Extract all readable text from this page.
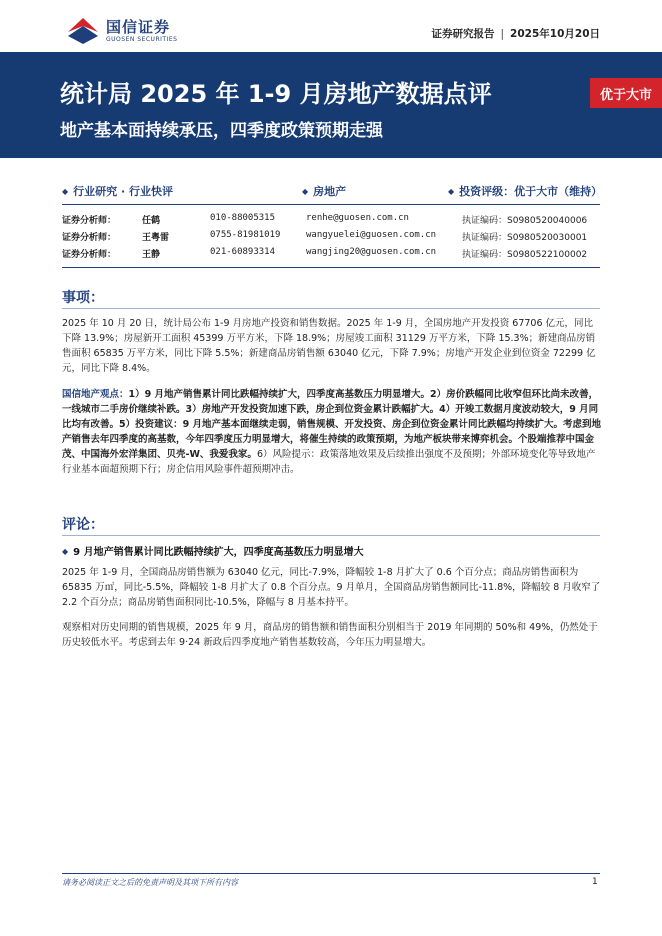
国信证券
GUOSEN SECURITIES	证券研究报告 | 2025年10月20日
统计局 2025 年 1-9 月房地产数据点评
地产基本面持续承压，四季度政策预期走强
优于大市
◆ 行业研究 · 行业快评	◆ 房地产	◆ 投资评级：优于大市（维持）
证券分析师：	任鹤	010-88005315	renhe@guosen.com.cn	执证编码：S0980520040006
证券分析师：	王粤雷	0755-81981019	wangyuelei@guosen.com.cn	执证编码：S0980520030001
证券分析师：	王静	021-60893314	wangjing20@guosen.com.cn	执证编码：S0980522100002
事项：

2025 年 10 月 20 日，统计局公布 1-9 月房地产投资和销售数据。2025 年 1-9 月，全国房地产开发投资 67706 亿元，同比下降 13.9%；房屋新开工面积 45399 万平方米，下降 18.9%；房屋竣工面积 31129 万平方米，下降 15.3%；新建商品房销售面积 65835 万平方米，同比下降 5.5%；新建商品房销售额 63040 亿元，下降 7.9%；房地产开发企业到位资金 72299 亿元，同比下降 8.4%。

国信地产观点：1）9 月地产销售累计同比跌幅持续扩大，四季度高基数压力明显增大。2）房价跌幅同比收窄但环比尚未改善，一线城市二手房价继续补跌。3）房地产开发投资加速下跌，房企到位资金累计跌幅扩大。4）开竣工数据月度波动较大，9 月同比均有改善。5）投资建议：9 月地产基本面继续走弱，销售规模、开发投资、房企到位资金累计同比跌幅均持续扩大。考虑到地产销售去年四季度的高基数，今年四季度压力明显增大，将催生持续的政策预期，为地产板块带来博弈机会。个股端推荐中国金茂、中国海外宏洋集团、贝壳-W、我爱我家。6）风险提示：政策落地效果及后续推出强度不及预期；外部环境变化等导致地产行业基本面超预期下行；房企信用风险事件超预期冲击。

评论：
◆ 9 月地产销售累计同比跌幅持续扩大，四季度高基数压力明显增大

2025 年 1-9 月，全国商品房销售额为 63040 亿元，同比-7.9%，降幅较 1-8 月扩大了 0.6 个百分点；商品房销售面积为 65835 万㎡，同比-5.5%，降幅较 1-8 月扩大了 0.8 个百分点。9 月单月，全国商品房销售额同比-11.8%，降幅较 8 月收窄了 2.2 个百分点；商品房销售面积同比-10.5%，降幅与 8 月基本持平。

观察相对历史同期的销售规模，2025 年 9 月，商品房的销售额和销售面积分别相当于 2019 年同期的 50%和 49%，仍然处于历史较低水平。考虑到去年 9·24 新政后四季度地产销售基数较高，今年压力明显增大。

请务必阅读正文之后的免责声明及其项下所有内容	1
